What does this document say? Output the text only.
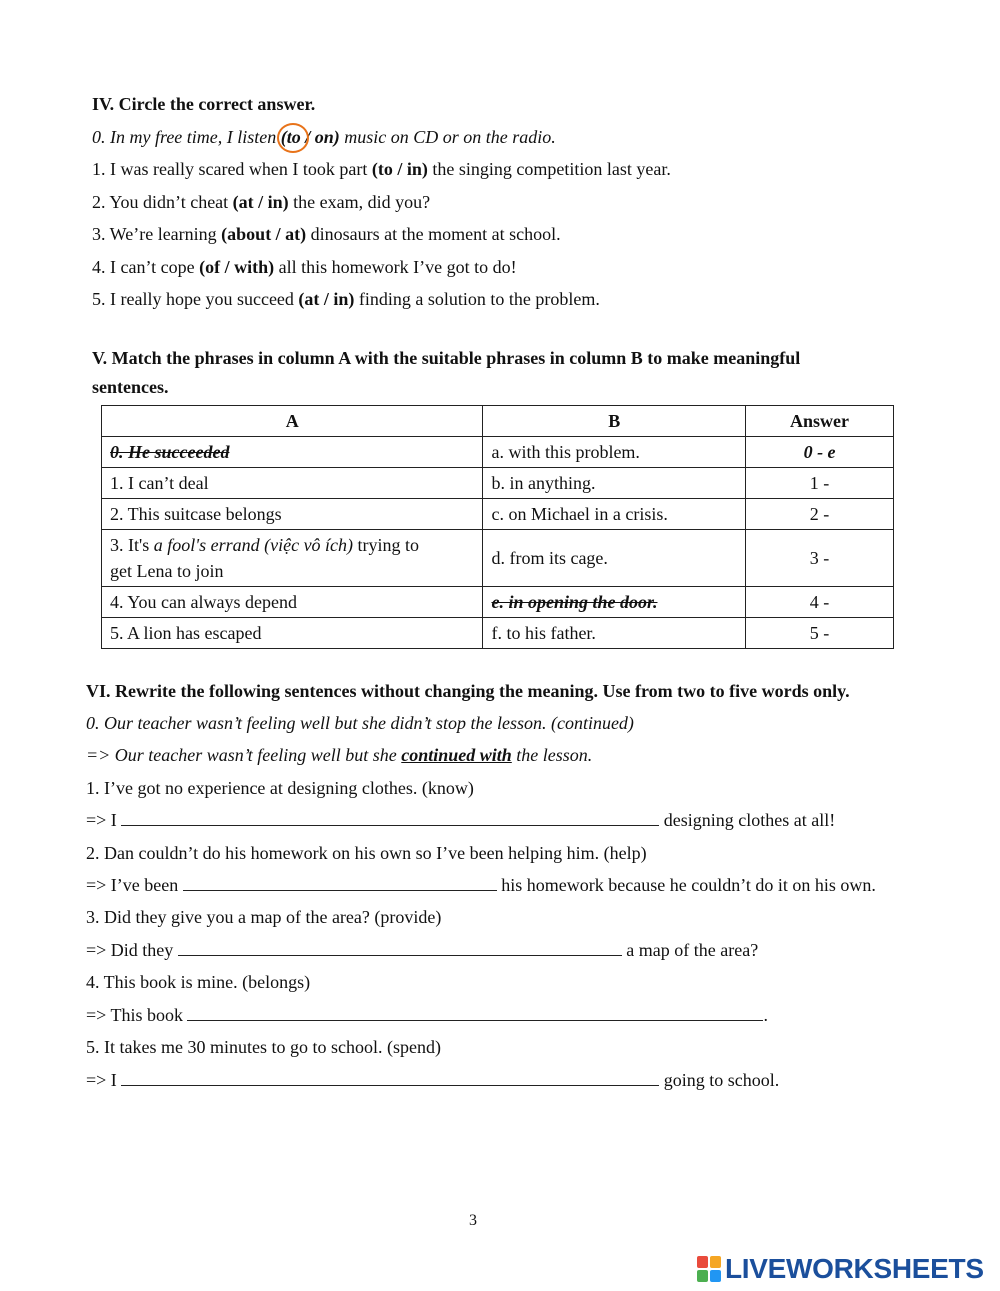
IV. Circle the correct answer.
0. In my free time, I listen (to / on) music on CD or on the radio.
1. I was really scared when I took part (to / in) the singing competition last year.
2. You didn’t cheat (at / in) the exam, did you?
3. We’re learning (about / at) dinosaurs at the moment at school.
4. I can’t cope (of / with) all this homework I’ve got to do!
5. I really hope you succeed (at / in) finding a solution to the problem.
V. Match the phrases in column A with the suitable phrases in column B to make meaningful
sentences.
A	B	Answer
0. He succeeded	a. with this problem.	0 - e
1. I can’t deal	b. in anything.	1 -
2. This suitcase belongs	c. on Michael in a crisis.	2 -

3. It's a fool's errand (việc vô ích) trying to
get Lena to join	d. from its cage.	3 -
4. You can always depend	e. in opening the door.	4 -
5. A lion has escaped	f. to his father.	5 -
VI. Rewrite the following sentences without changing the meaning. Use from two to five words only.
0. Our teacher wasn’t feeling well but she didn’t stop the lesson. (continued)
=> Our teacher wasn’t feeling well but she continued with the lesson.
1. I’ve got no experience at designing clothes. (know)
=> I	designing clothes at all!
2. Dan couldn’t do his homework on his own so I’ve been helping him. (help)
=> I’ve been	his homework because he couldn’t do it on his own.
3. Did they give you a map of the area? (provide)
=> Did they	a map of the area?
4. This book is mine. (belongs)
=> This book	.
5. It takes me 30 minutes to go to school. (spend)
=> I	going to school.
3
LIVEWORKSHEETS
